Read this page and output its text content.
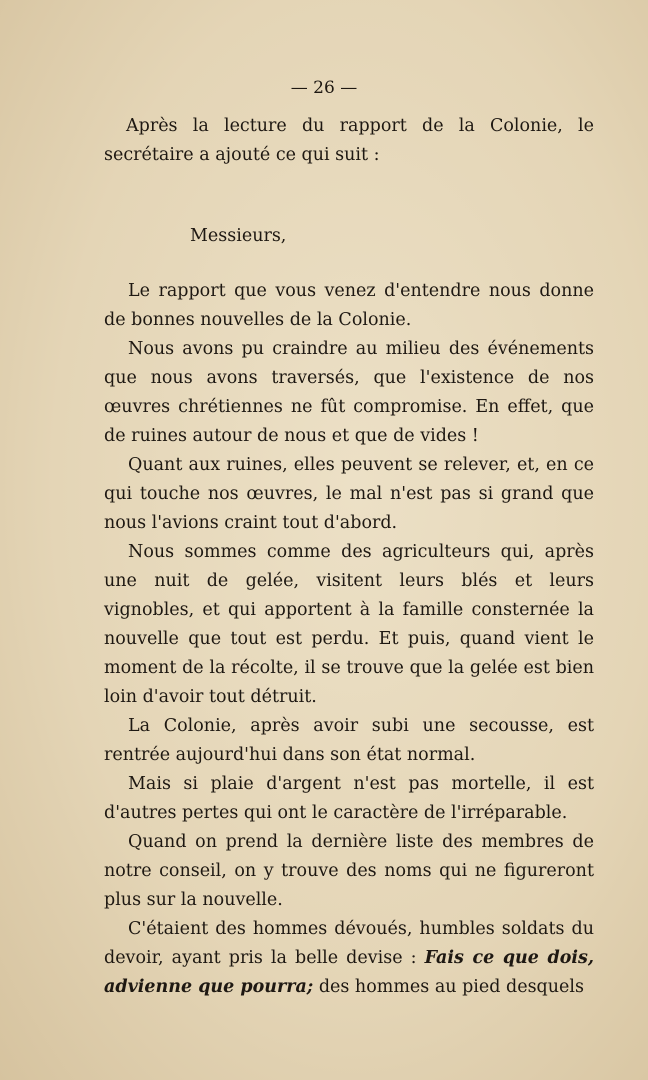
— 26 —

Après la lecture du rapport de la Colonie, le secrétaire a ajouté ce qui suit :

Messieurs,

Le rapport que vous venez d'entendre nous donne de bonnes nouvelles de la Colonie.

Nous avons pu craindre au milieu des événements que nous avons traversés, que l'existence de nos œuvres chrétiennes ne fût compromise. En effet, que de ruines autour de nous et que de vides !

Quant aux ruines, elles peuvent se relever, et, en ce qui touche nos œuvres, le mal n'est pas si grand que nous l'avions craint tout d'abord.

Nous sommes comme des agriculteurs qui, après une nuit de gelée, visitent leurs blés et leurs vignobles, et qui apportent à la famille consternée la nouvelle que tout est perdu. Et puis, quand vient le moment de la récolte, il se trouve que la gelée est bien loin d'avoir tout détruit.

La Colonie, après avoir subi une secousse, est rentrée aujourd'hui dans son état normal.

Mais si plaie d'argent n'est pas mortelle, il est d'autres pertes qui ont le caractère de l'irréparable.

Quand on prend la dernière liste des membres de notre conseil, on y trouve des noms qui ne figureront plus sur la nouvelle.

C'étaient des hommes dévoués, humbles soldats du devoir, ayant pris la belle devise : Fais ce que dois, advienne que pourra; des hommes au pied desquels
